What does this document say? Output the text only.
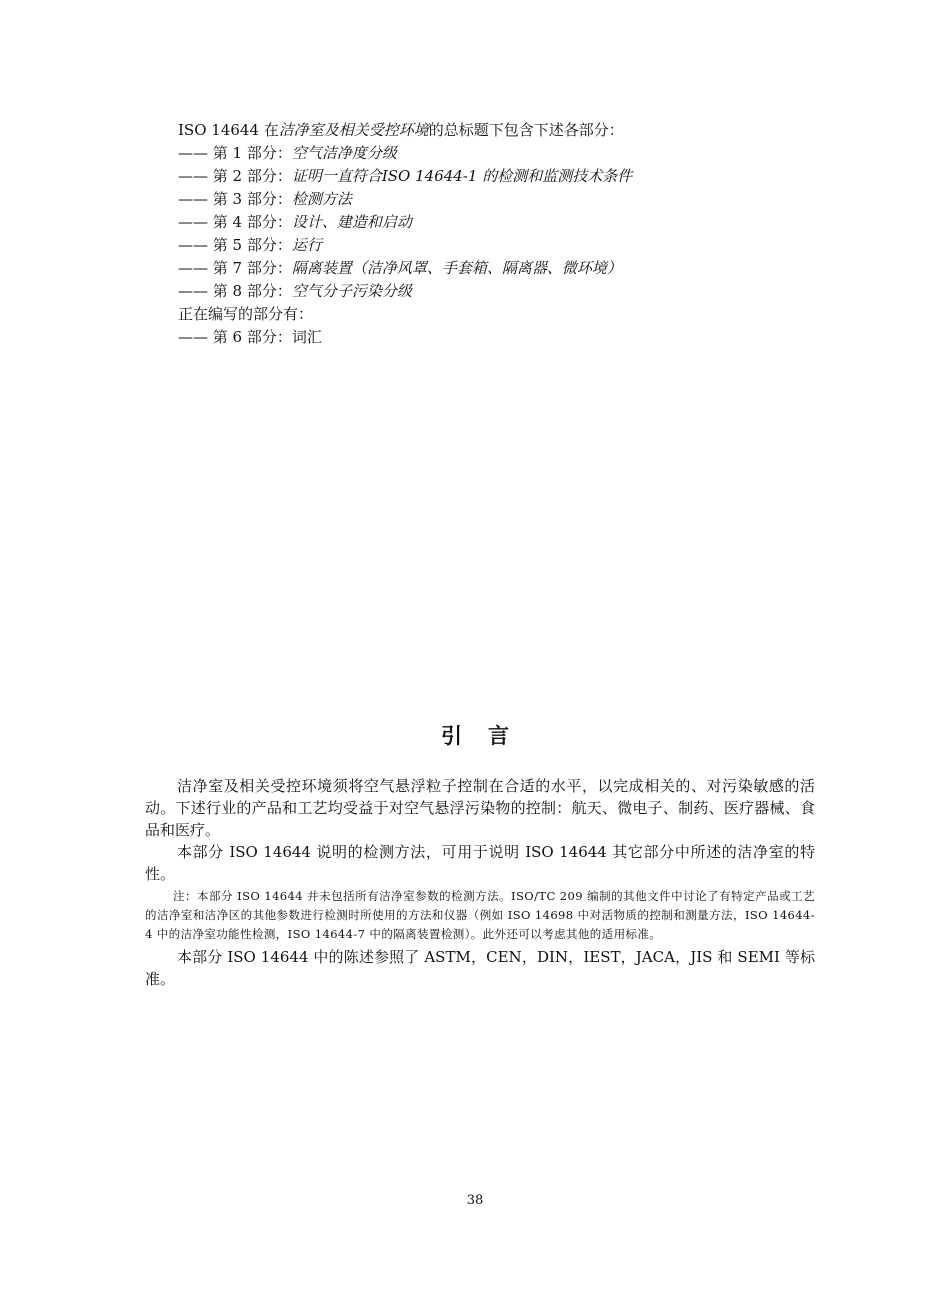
ISO 14644 在洁净室及相关受控环境的总标题下包含下述各部分：
—— 第 1 部分：空气洁净度分级
—— 第 2 部分：证明一直符合ISO 14644-1 的检测和监测技术条件
—— 第 3 部分：检测方法
—— 第 4 部分：设计、建造和启动
—— 第 5 部分：运行
—— 第 7 部分：隔离装置（洁净风罩、手套箱、隔离器、微环境）
—— 第 8 部分：空气分子污染分级
正在编写的部分有：
—— 第 6 部分：词汇
引言

洁净室及相关受控环境须将空气悬浮粒子控制在合适的水平，以完成相关的、对污染敏感的活动。下述行业的产品和工艺均受益于对空气悬浮污染物的控制：航天、微电子、制药、医疗器械、食品和医疗。

本部分 ISO 14644 说明的检测方法，可用于说明 ISO 14644 其它部分中所述的洁净室的特性。

注：本部分 ISO 14644 并未包括所有洁净室参数的检测方法。ISO/TC 209 编制的其他文件中讨论了有特定产品或工艺的洁净室和洁净区的其他参数进行检测时所使用的方法和仪器（例如 ISO 14698 中对活物质的控制和测量方法，ISO 14644-4 中的洁净室功能性检测，ISO 14644-7 中的隔离装置检测）。此外还可以考虑其他的适用标准。

本部分 ISO 14644 中的陈述参照了 ASTM，CEN，DIN，IEST，JACA，JIS 和 SEMI 等标准。

38
